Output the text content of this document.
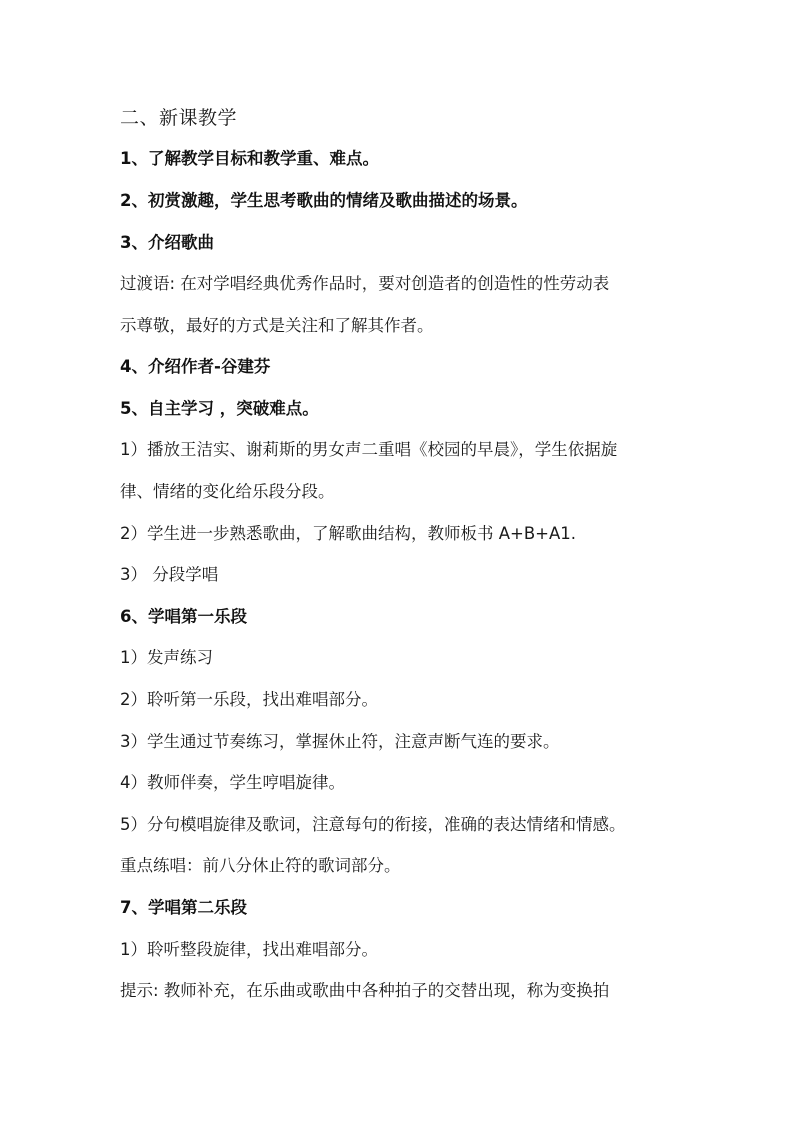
二、新课教学
1、了解教学目标和教学重、难点。
2、初赏激趣，学生思考歌曲的情绪及歌曲描述的场景。
3、介绍歌曲
过渡语: 在对学唱经典优秀作品时，要对创造者的创造性的性劳动表
示尊敬，最好的方式是关注和了解其作者。
4、介绍作者-谷建芬
5、自主学习 ，突破难点。
1）播放王洁实、谢莉斯的男女声二重唱《校园的早晨》，学生依据旋
律、情绪的变化给乐段分段。
2）学生进一步熟悉歌曲，了解歌曲结构，教师板书 A+B+A1.
3） 分段学唱
6、学唱第一乐段
1）发声练习
2）聆听第一乐段，找出难唱部分。
3）学生通过节奏练习，掌握休止符，注意声断气连的要求。
4）教师伴奏，学生哼唱旋律。
5）分句模唱旋律及歌词，注意每句的衔接，准确的表达情绪和情感。
重点练唱：前八分休止符的歌词部分。
7、学唱第二乐段
1）聆听整段旋律，找出难唱部分。
提示: 教师补充，在乐曲或歌曲中各种拍子的交替出现，称为变换拍
